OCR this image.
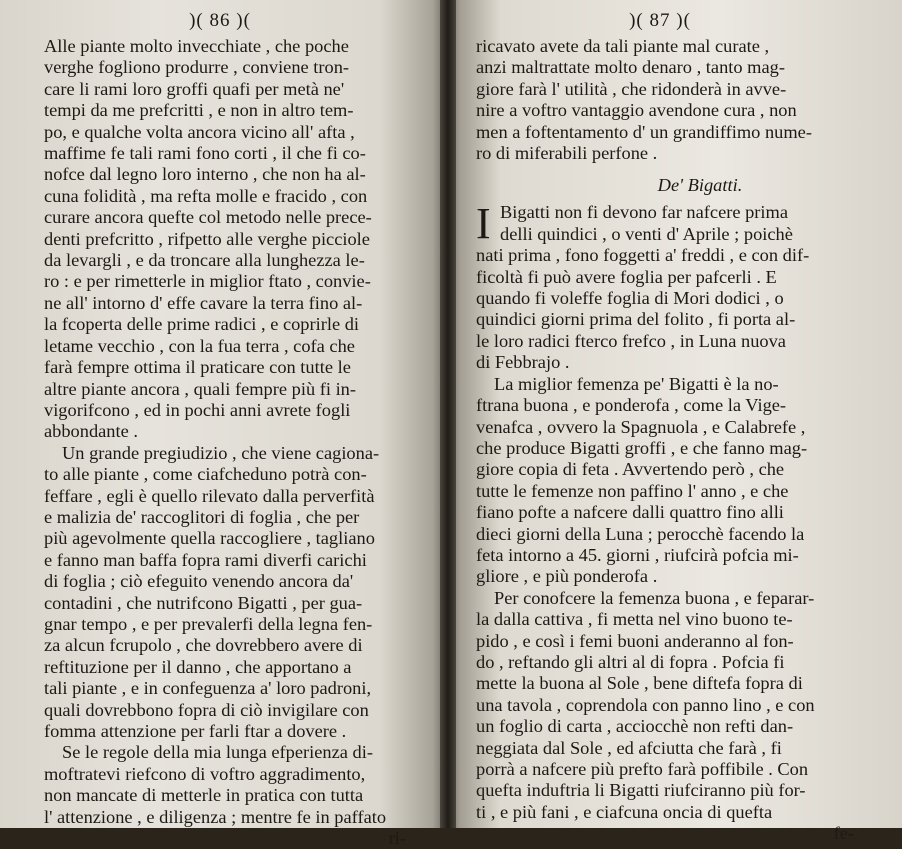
)( 86 )(
Alle piante molto invecchiate , che poche
verghe fogliono produrre , conviene tron-
care li rami loro groffi quafi per metà ne'
tempi da me prefcritti , e non in altro tem-
po, e qualche volta ancora vicino all' afta ,
maffime fe tali rami fono corti , il che fi co-
nofce dal legno loro interno , che non ha al-
cuna folidità , ma refta molle e fracido , con
curare ancora quefte col metodo nelle prece-
denti prefcritto , rifpetto alle verghe picciole
da levargli , e da troncare alla lunghezza le-
ro : e per rimetterle in miglior ftato , convie-
ne all' intorno d' effe cavare la terra fino al-
la fcoperta delle prime radici , e coprirle di
letame vecchio , con la fua terra , cofa che
farà fempre ottima il praticare con tutte le
altre piante ancora , quali fempre più fi in-
vigorifcono , ed in pochi anni avrete fogli
abbondante .
Un grande pregiudizio , che viene cagiona-
to alle piante , come ciafcheduno potrà con-
feffare , egli è quello rilevato dalla perverfità
e malizia de' raccoglitori di foglia , che per
più agevolmente quella raccogliere , tagliano
e fanno man baffa fopra rami diverfi carichi
di foglia ; ciò efeguito venendo ancora da'
contadini , che nutrifcono Bigatti , per gua-
gnar tempo , e per prevalerfi della legna fen-
za alcun fcrupolo , che dovrebbero avere di
reftituzione per il danno , che apportano a
tali piante , e in confeguenza a' loro padroni,
quali dovrebbono fopra di ciò invigilare con
fomma attenzione per farli ftar a dovere .
Se le regole della mia lunga efperienza di-
moftratevi riefcono di voftro aggradimento,
non mancate di metterle in pratica con tutta
l' attenzione , e diligenza ; mentre fe in paffato
ri-
)( 87 )(
ricavato avete da tali piante mal curate ,
anzi maltrattate molto denaro , tanto mag-
giore farà l' utilità , che ridonderà in avve-
nire a voftro vantaggio avendone cura , non
men a foftentamento d' un grandiffimo nume-
ro di miferabili perfone .
De' Bigatti.
I Bigatti non fi devono far nafcere prima
delli quindici , o venti d' Aprile ; poichè
nati prima , fono foggetti a' freddi , e con dif-
ficoltà fi può avere foglia per pafcerli . E
quando fi voleffe foglia di Mori dodici , o
quindici giorni prima del folito , fi porta al-
le loro radici fterco frefco , in Luna nuova
di Febbrajo .
La miglior femenza pe' Bigatti è la no-
ftrana buona , e ponderofa , come la Vige-
venafca , ovvero la Spagnuola , e Calabrefe ,
che produce Bigatti groffi , e che fanno mag-
giore copia di feta . Avvertendo però , che
tutte le femenze non paffino l' anno , e che
fiano pofte a nafcere dalli quattro fino alli
dieci giorni della Luna ; perocchè facendo la
feta intorno a 45. giorni , riufcirà pofcia mi-
gliore , e più ponderofa .
Per conofcere la femenza buona , e feparar-
la dalla cattiva , fi metta nel vino buono te-
pido , e così i femi buoni anderanno al fon-
do , reftando gli altri al di fopra . Pofcia fi
mette la buona al Sole , bene diftefa fopra di
una tavola , coprendola con panno lino , e con
un foglio di carta , acciocchè non refti dan-
neggiata dal Sole , ed afciutta che farà , fi
porrà a nafcere più prefto farà poffibile . Con
quefta induftria li Bigatti riufciranno più for-
ti , e più fani , e ciafcuna oncia di quefta
fe-
